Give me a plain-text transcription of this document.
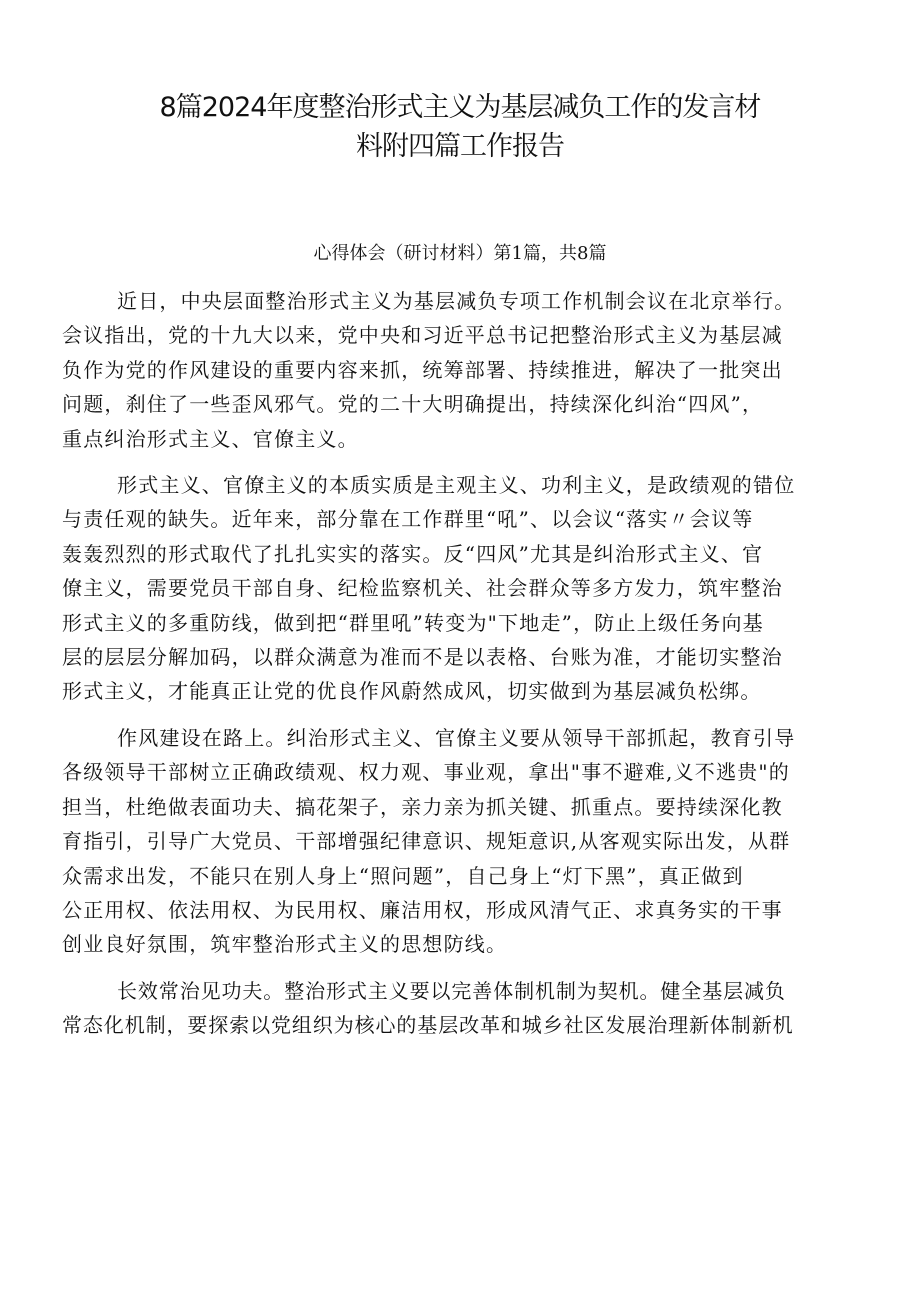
8篇2024年度整治形式主义为基层减负工作的发言材
料附四篇工作报告
心得体会（研讨材料）第1篇，共8篇
近日，中央层面整治形式主义为基层减负专项工作机制会议在北京举行。
会议指出，党的十九大以来，党中央和习近平总书记把整治形式主义为基层减
负作为党的作风建设的重要内容来抓，统筹部署、持续推进，解决了一批突出
问题，刹住了一些歪风邪气。党的二十大明确提出，持续深化纠治“四风”，
重点纠治形式主义、官僚主义。
形式主义、官僚主义的本质实质是主观主义、功利主义，是政绩观的错位
与责任观的缺失。近年来，部分靠在工作群里“吼”、以会议“落实〃会议等
轰轰烈烈的形式取代了扎扎实实的落实。反“四风”尤其是纠治形式主义、官
僚主义，需要党员干部自身、纪检监察机关、社会群众等多方发力，筑牢整治
形式主义的多重防线，做到把“群里吼”转变为"下地走”，防止上级任务向基
层的层层分解加码，以群众满意为准而不是以表格、台账为准，才能切实整治
形式主义，才能真正让党的优良作风蔚然成风，切实做到为基层减负松绑。
作风建设在路上。纠治形式主义、官僚主义要从领导干部抓起，教育引导
各级领导干部树立正确政绩观、权力观、事业观，拿出"事不避难,义不逃贵"的
担当，杜绝做表面功夫、搞花架子，亲力亲为抓关键、抓重点。要持续深化教
育指引，引导广大党员、干部增强纪律意识、规矩意识,从客观实际出发，从群
众需求出发，不能只在别人身上“照问题”，自己身上“灯下黑”，真正做到
公正用权、依法用权、为民用权、廉洁用权，形成风清气正、求真务实的干事
创业良好氛围，筑牢整治形式主义的思想防线。
长效常治见功夫。整治形式主义要以完善体制机制为契机。健全基层减负
常态化机制，要探索以党组织为核心的基层改革和城乡社区发展治理新体制新机
